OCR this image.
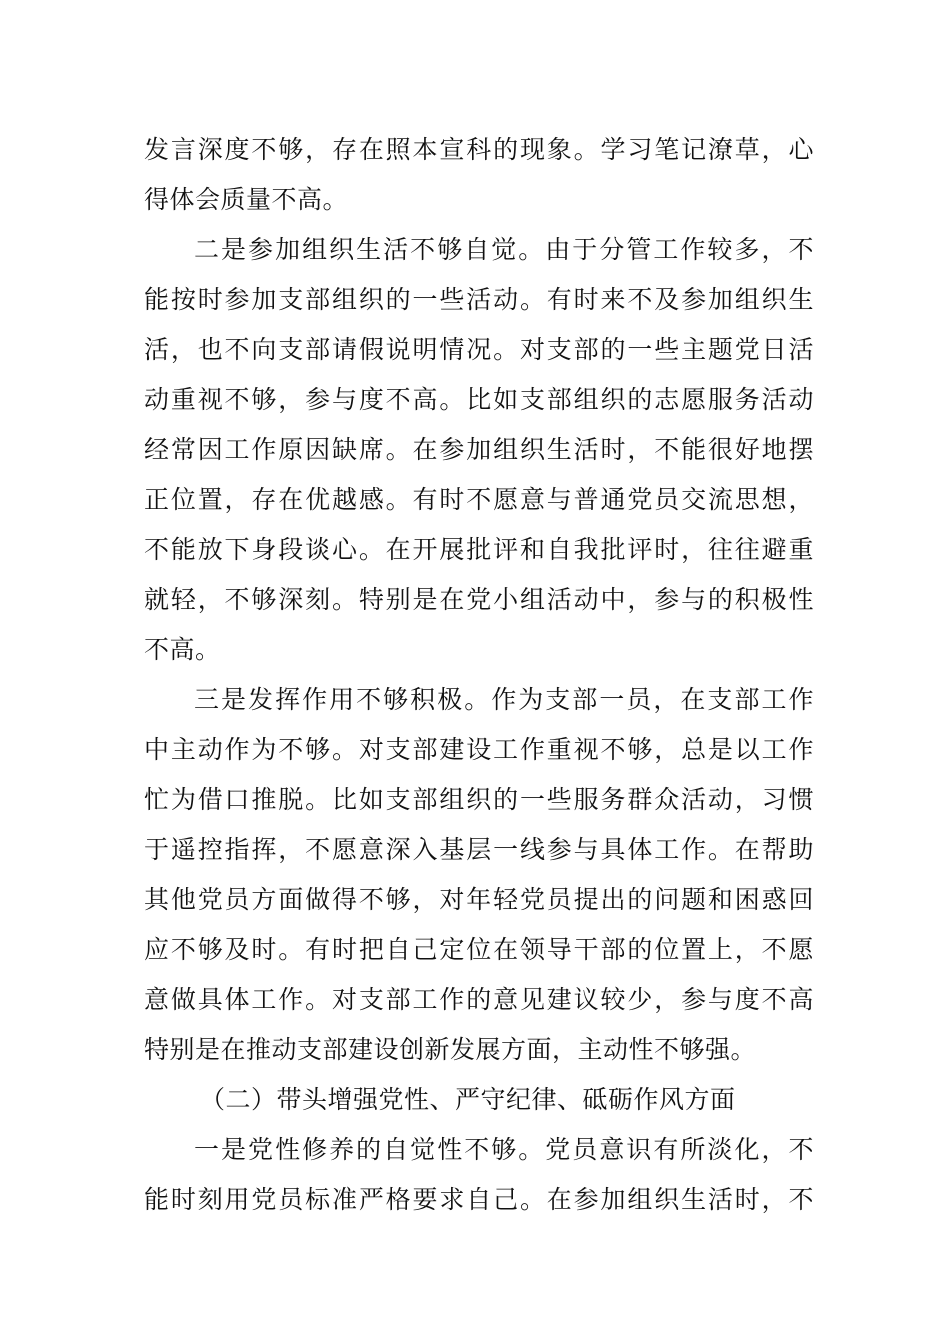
发言深度不够，存在照本宣科的现象。学习笔记潦草，心
得体会质量不高。
二是参加组织生活不够自觉。由于分管工作较多，不
能按时参加支部组织的一些活动。有时来不及参加组织生
活，也不向支部请假说明情况。对支部的一些主题党日活
动重视不够，参与度不高。比如支部组织的志愿服务活动
经常因工作原因缺席。在参加组织生活时，不能很好地摆
正位置，存在优越感。有时不愿意与普通党员交流思想，
不能放下身段谈心。在开展批评和自我批评时，往往避重
就轻，不够深刻。特别是在党小组活动中，参与的积极性
不高。
三是发挥作用不够积极。作为支部一员，在支部工作
中主动作为不够。对支部建设工作重视不够，总是以工作
忙为借口推脱。比如支部组织的一些服务群众活动，习惯
于遥控指挥，不愿意深入基层一线参与具体工作。在帮助
其他党员方面做得不够，对年轻党员提出的问题和困惑回
应不够及时。有时把自己定位在领导干部的位置上，不愿
意做具体工作。对支部工作的意见建议较少，参与度不高
特别是在推动支部建设创新发展方面，主动性不够强。
（二）带头增强党性、严守纪律、砥砺作风方面
一是党性修养的自觉性不够。党员意识有所淡化，不
能时刻用党员标准严格要求自己。在参加组织生活时，不
